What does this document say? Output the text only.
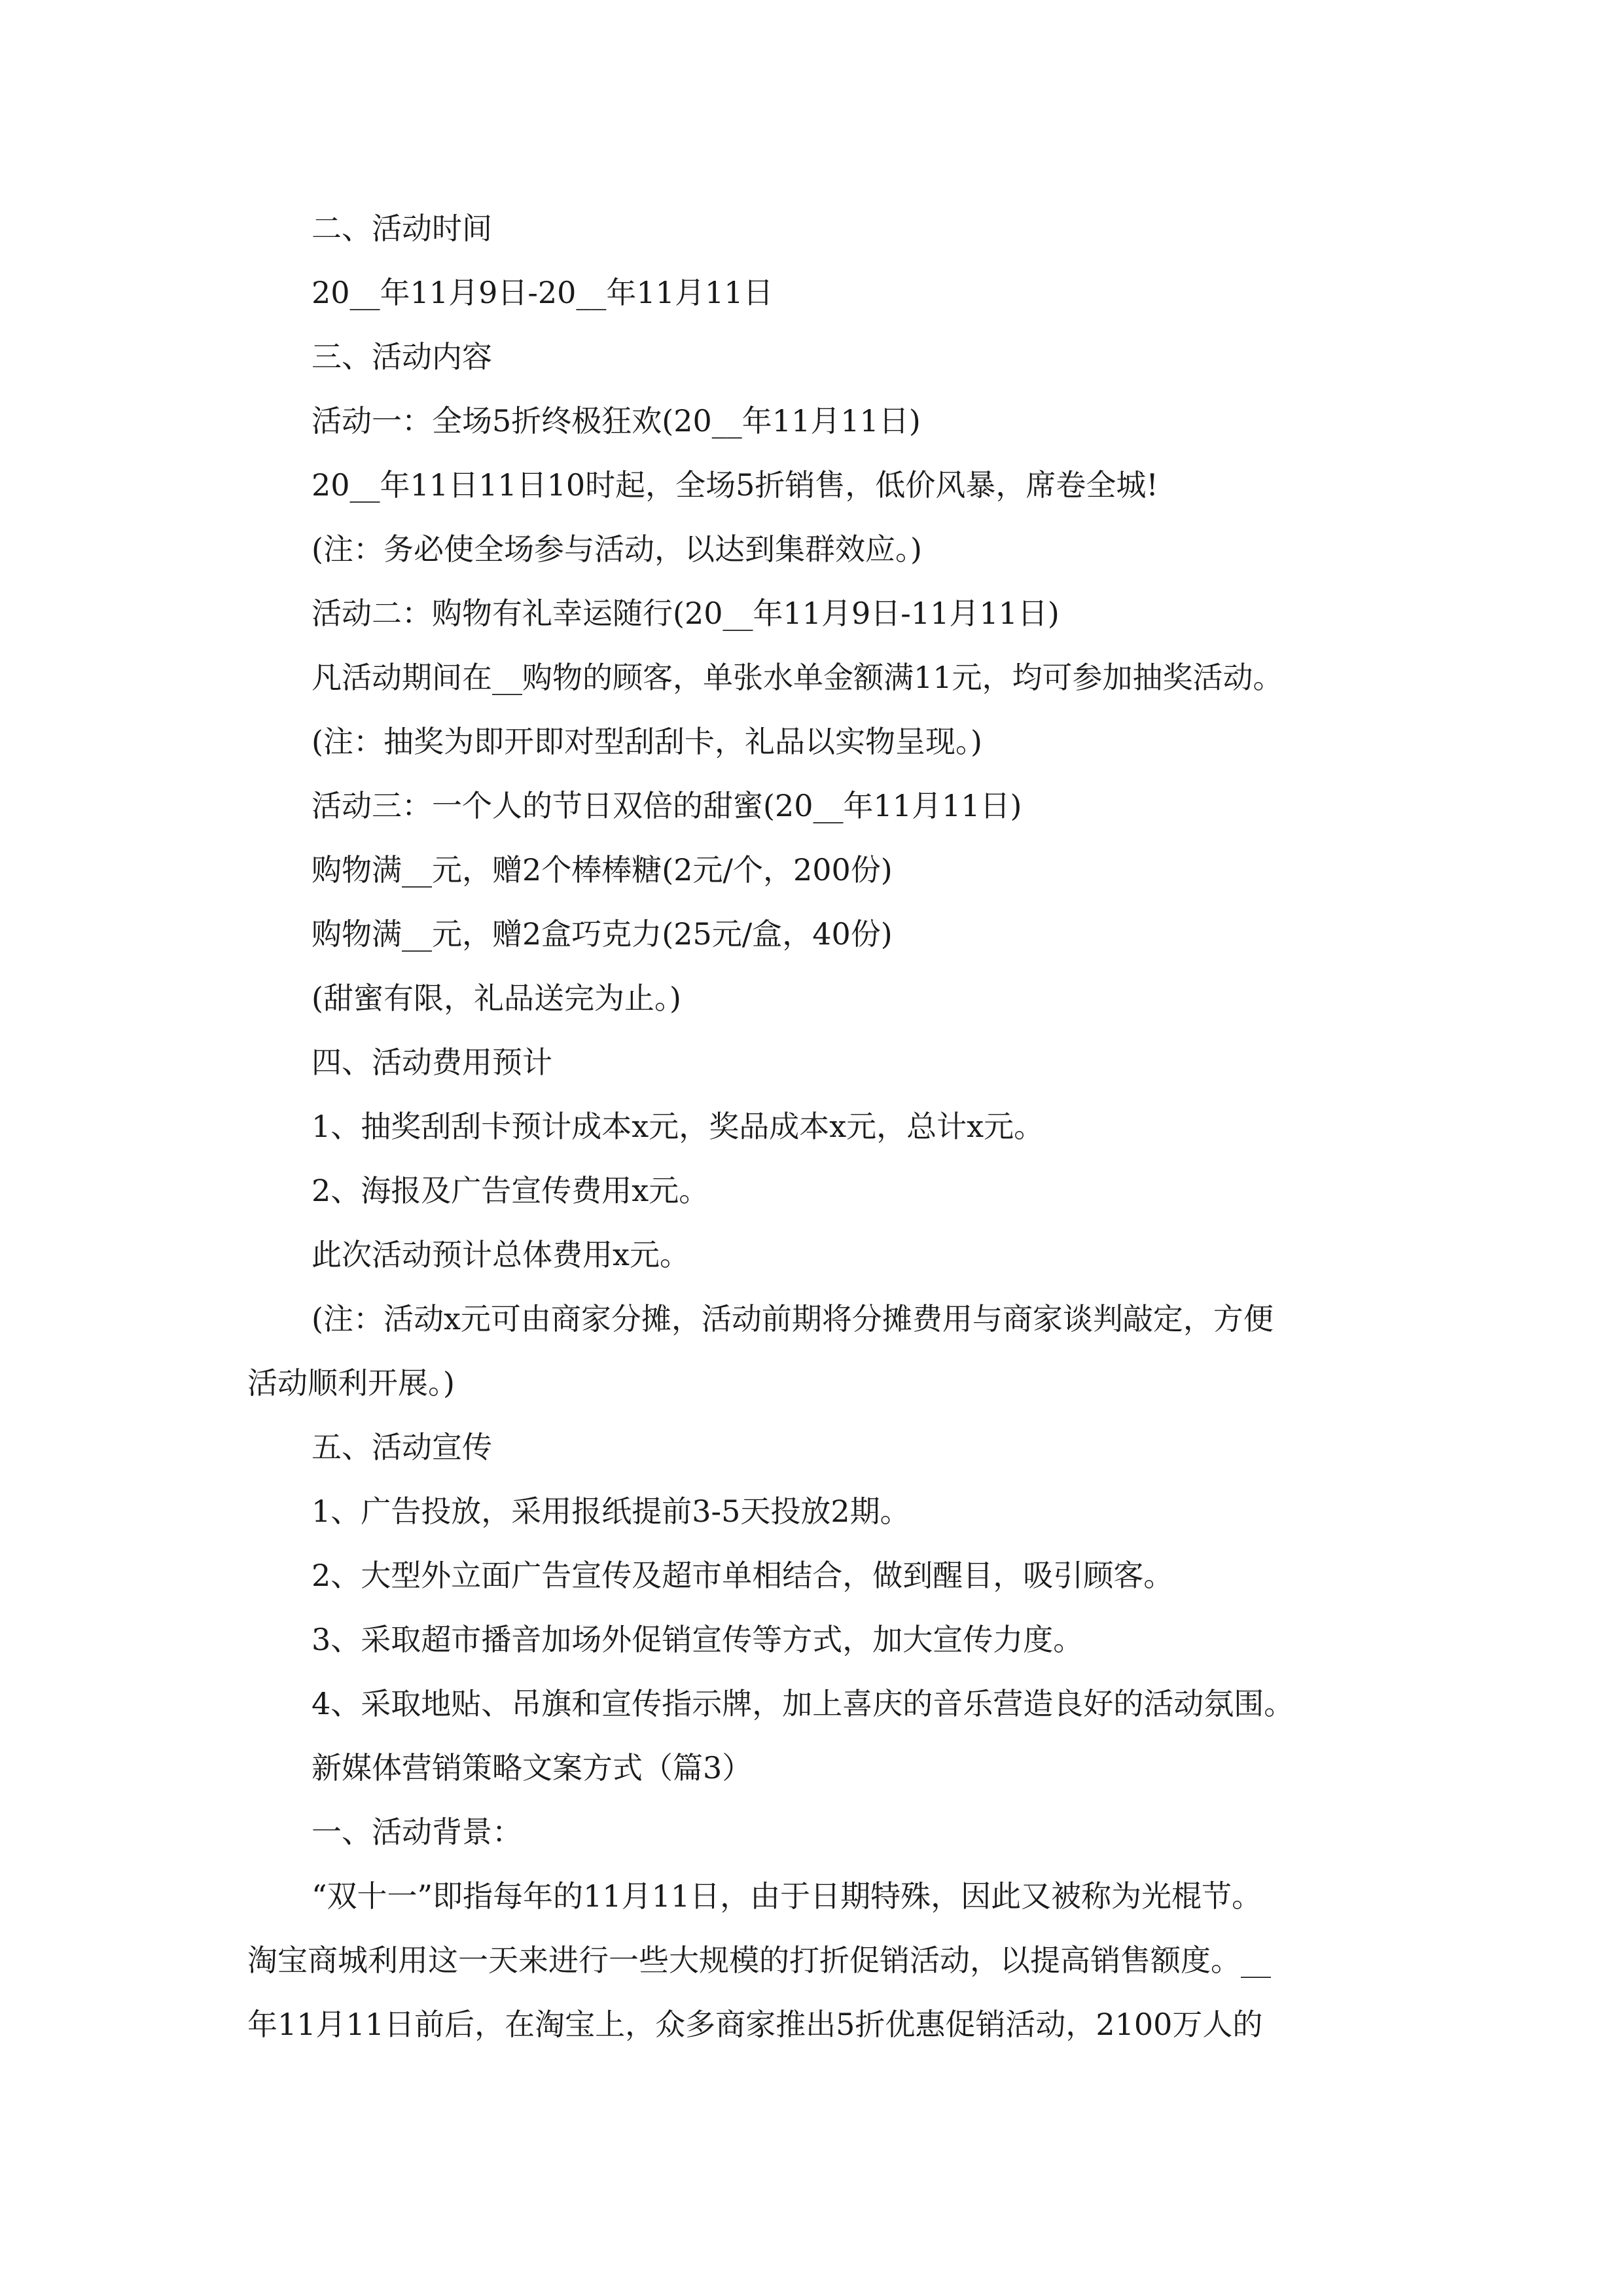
二、活动时间

20__年11月9日-20__年11月11日

三、活动内容

活动一：全场5折终极狂欢(20__年11月11日)

20__年11日11日10时起，全场5折销售，低价风暴，席卷全城!

(注：务必使全场参与活动，以达到集群效应。)

活动二：购物有礼幸运随行(20__年11月9日-11月11日)

凡活动期间在__购物的顾客，单张水单金额满11元，均可参加抽奖活动。

(注：抽奖为即开即对型刮刮卡，礼品以实物呈现。)

活动三：一个人的节日双倍的甜蜜(20__年11月11日)

购物满__元，赠2个棒棒糖(2元/个，200份)

购物满__元，赠2盒巧克力(25元/盒，40份)

(甜蜜有限，礼品送完为止。)

四、活动费用预计

1、抽奖刮刮卡预计成本x元，奖品成本x元，总计x元。

2、海报及广告宣传费用x元。

此次活动预计总体费用x元。

(注：活动x元可由商家分摊，活动前期将分摊费用与商家谈判敲定，方便

活动顺利开展。)

五、活动宣传

1、广告投放，采用报纸提前3-5天投放2期。

2、大型外立面广告宣传及超市单相结合，做到醒目，吸引顾客。

3、采取超市播音加场外促销宣传等方式，加大宣传力度。

4、采取地贴、吊旗和宣传指示牌，加上喜庆的音乐营造良好的活动氛围。

新媒体营销策略文案方式（篇3）

一、活动背景：

“双十一”即指每年的11月11日，由于日期特殊，因此又被称为光棍节。

淘宝商城利用这一天来进行一些大规模的打折促销活动，以提高销售额度。__

年11月11日前后，在淘宝上，众多商家推出5折优惠促销活动，2100万人的
